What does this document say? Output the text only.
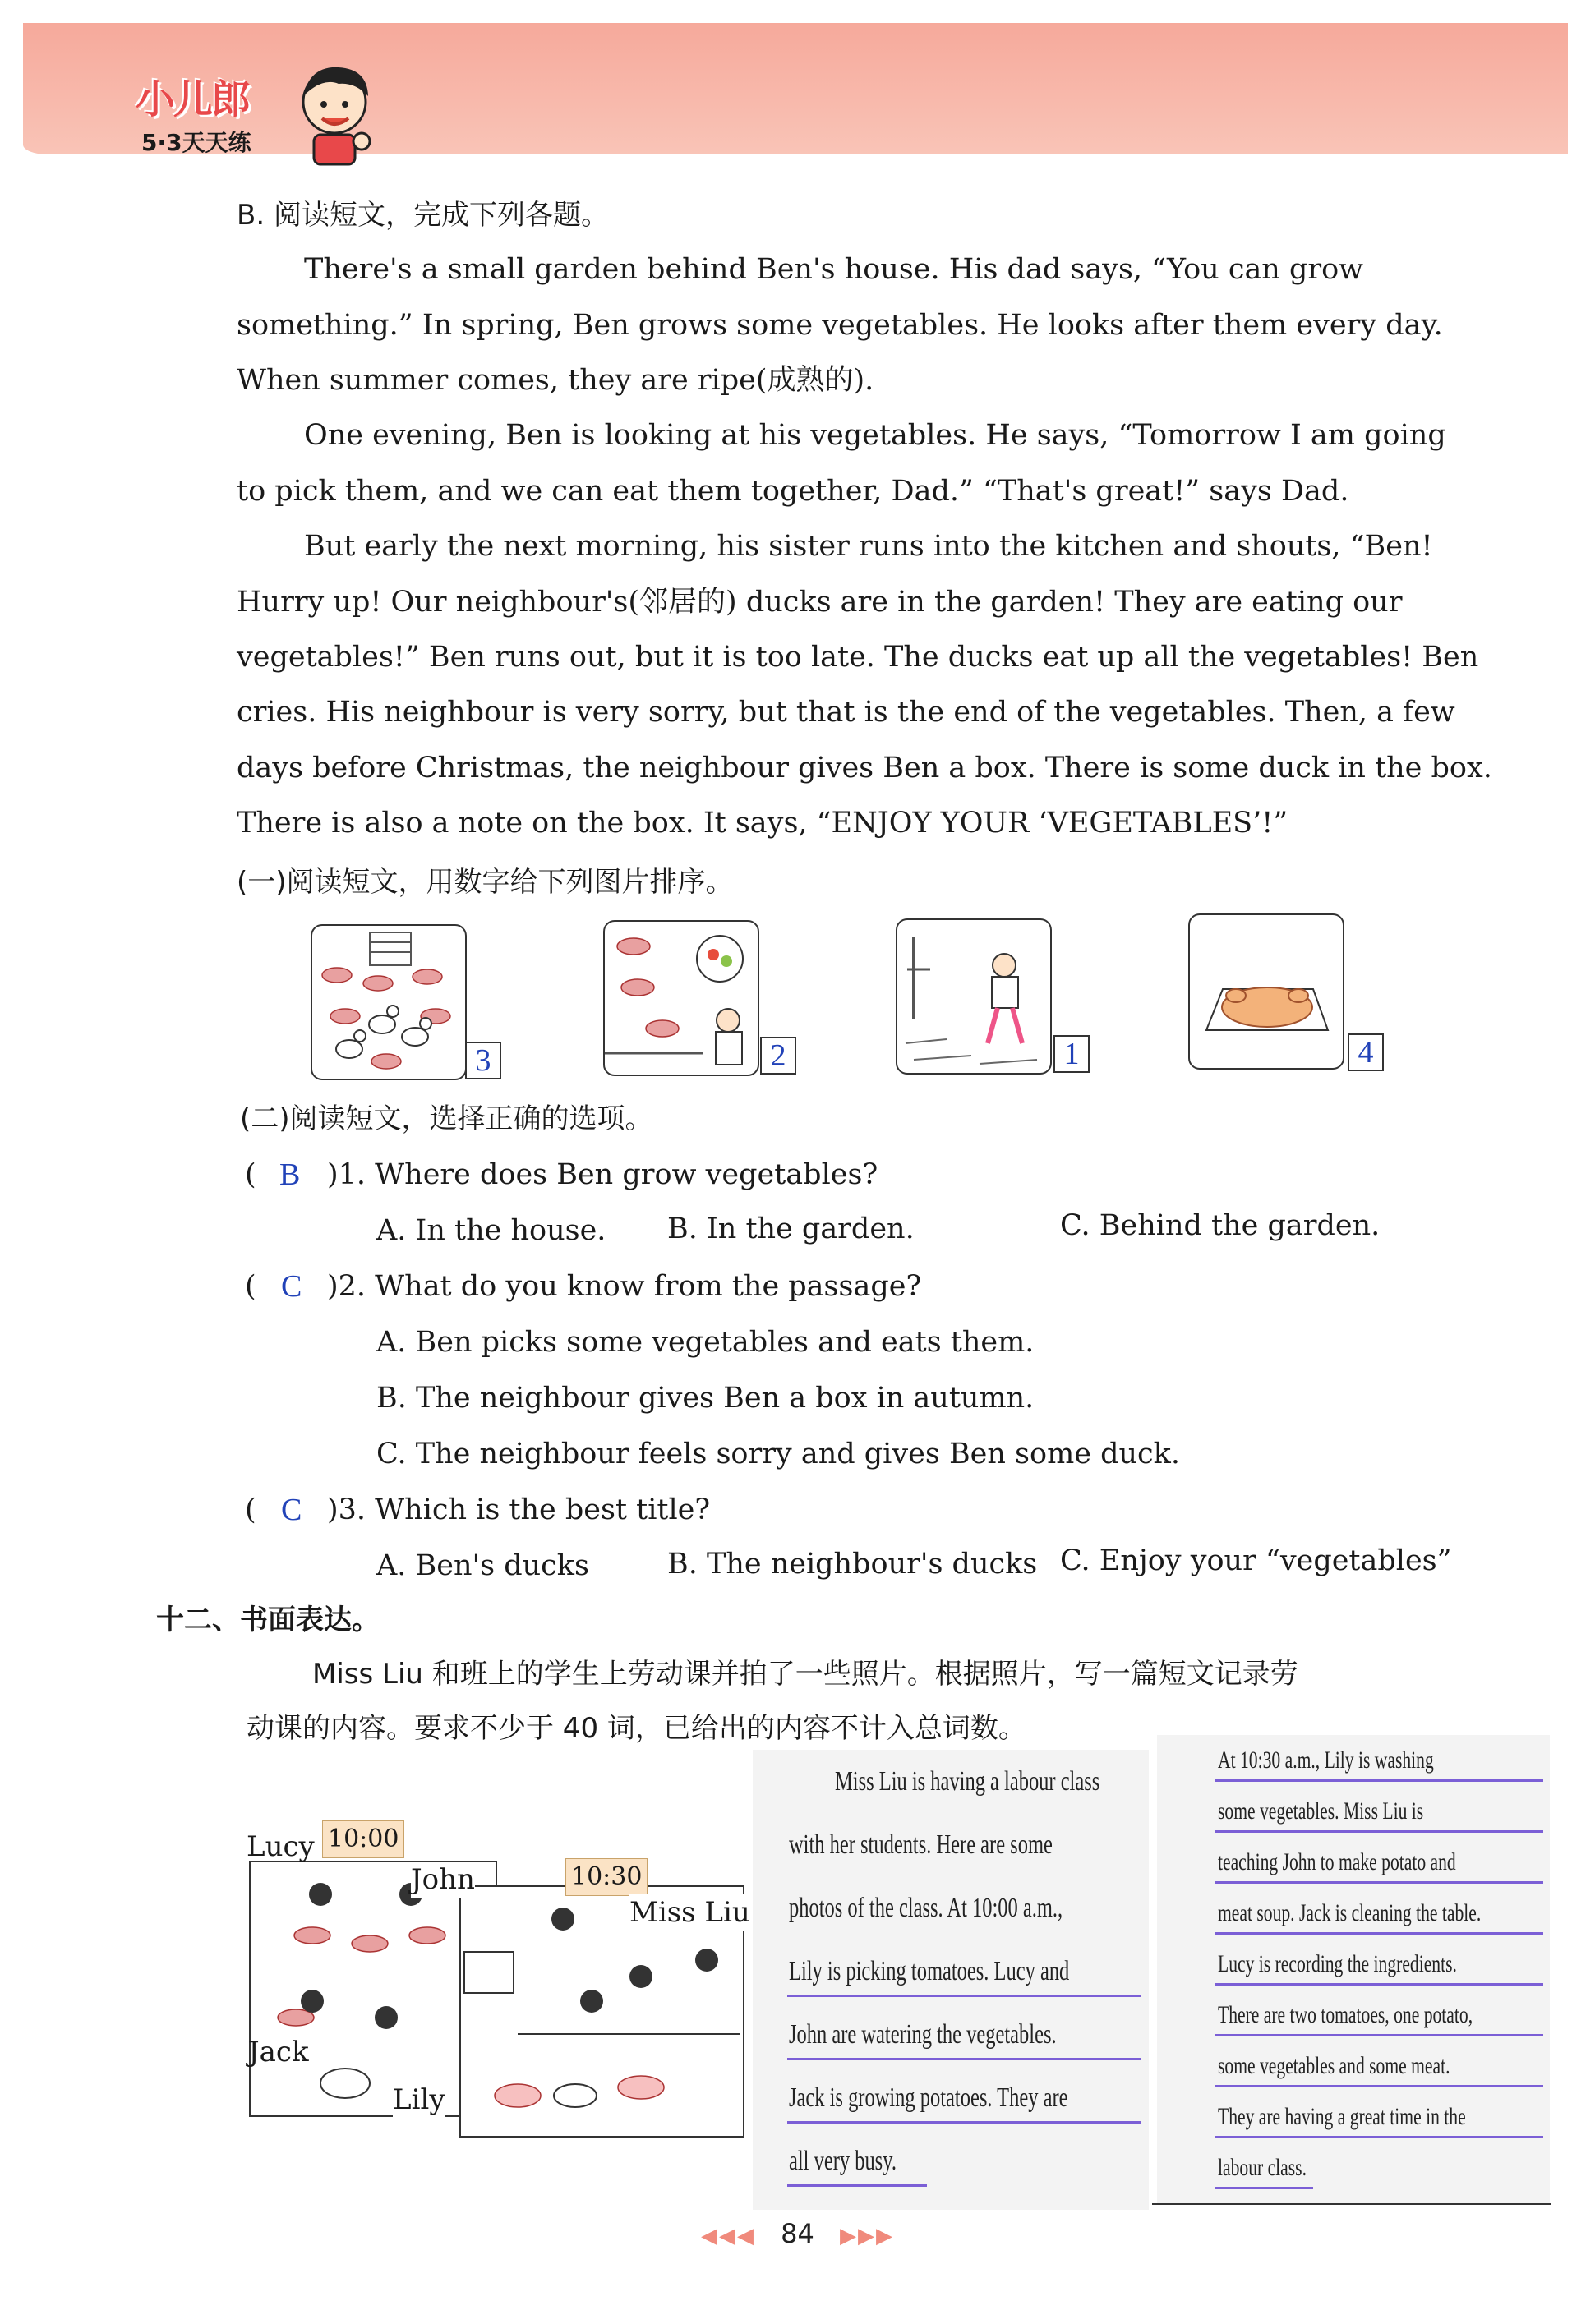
小儿郎
5·3天天练
B. 阅读短文，完成下列各题。
There's a small garden behind Ben's house. His dad says, “You can grow
something.” In spring, Ben grows some vegetables. He looks after them every day.
When summer comes, they are ripe(成熟的).
One evening, Ben is looking at his vegetables. He says, “Tomorrow I am going
to pick them, and we can eat them together, Dad.” “That's great!” says Dad.
But early the next morning, his sister runs into the kitchen and shouts, “Ben!
Hurry up! Our neighbour's(邻居的) ducks are in the garden! They are eating our
vegetables!” Ben runs out, but it is too late. The ducks eat up all the vegetables! Ben
cries. His neighbour is very sorry, but that is the end of the vegetables. Then, a few
days before Christmas, the neighbour gives Ben a box. There is some duck in the box.
There is also a note on the box. It says, “ENJOY YOUR ‘VEGETABLES’!”
(一)阅读短文，用数字给下列图片排序。
3	2	1	4
(二)阅读短文，选择正确的选项。
( B )1. Where does Ben grow vegetables?
A. In the house. B. In the garden.	C. Behind the garden.
( C )2. What do you know from the passage?
A. Ben picks some vegetables and eats them.
B. The neighbour gives Ben a box in autumn.
C. The neighbour feels sorry and gives Ben some duck.
( C )3. Which is the best title?
A. Ben's ducks	B. The neighbour's ducks C. Enjoy your “vegetables”
十二、书面表达。
Miss Liu 和班上的学生上劳动课并拍了一些照片。根据照片，写一篇短文记录劳
动课的内容。要求不少于 40 词，已给出的内容不计入总词数。
Lucy 10:00
John
Jack
Lily
10:30
Miss Liu
Miss Liu is having a labour class
with her students. Here are some
photos of the class. At 10:00 a.m.,
Lily is picking tomatoes. Lucy and
John are watering the vegetables.
Jack is growing potatoes. They are
all very busy.
At 10:30 a.m., Lily is washing
some vegetables. Miss Liu is
teaching John to make potato and
meat soup. Jack is cleaning the table.
Lucy is recording the ingredients.
There are two tomatoes, one potato,
some vegetables and some meat.
They are having a great time in the
labour class.
◀◀◀ 84 ▶▶▶
